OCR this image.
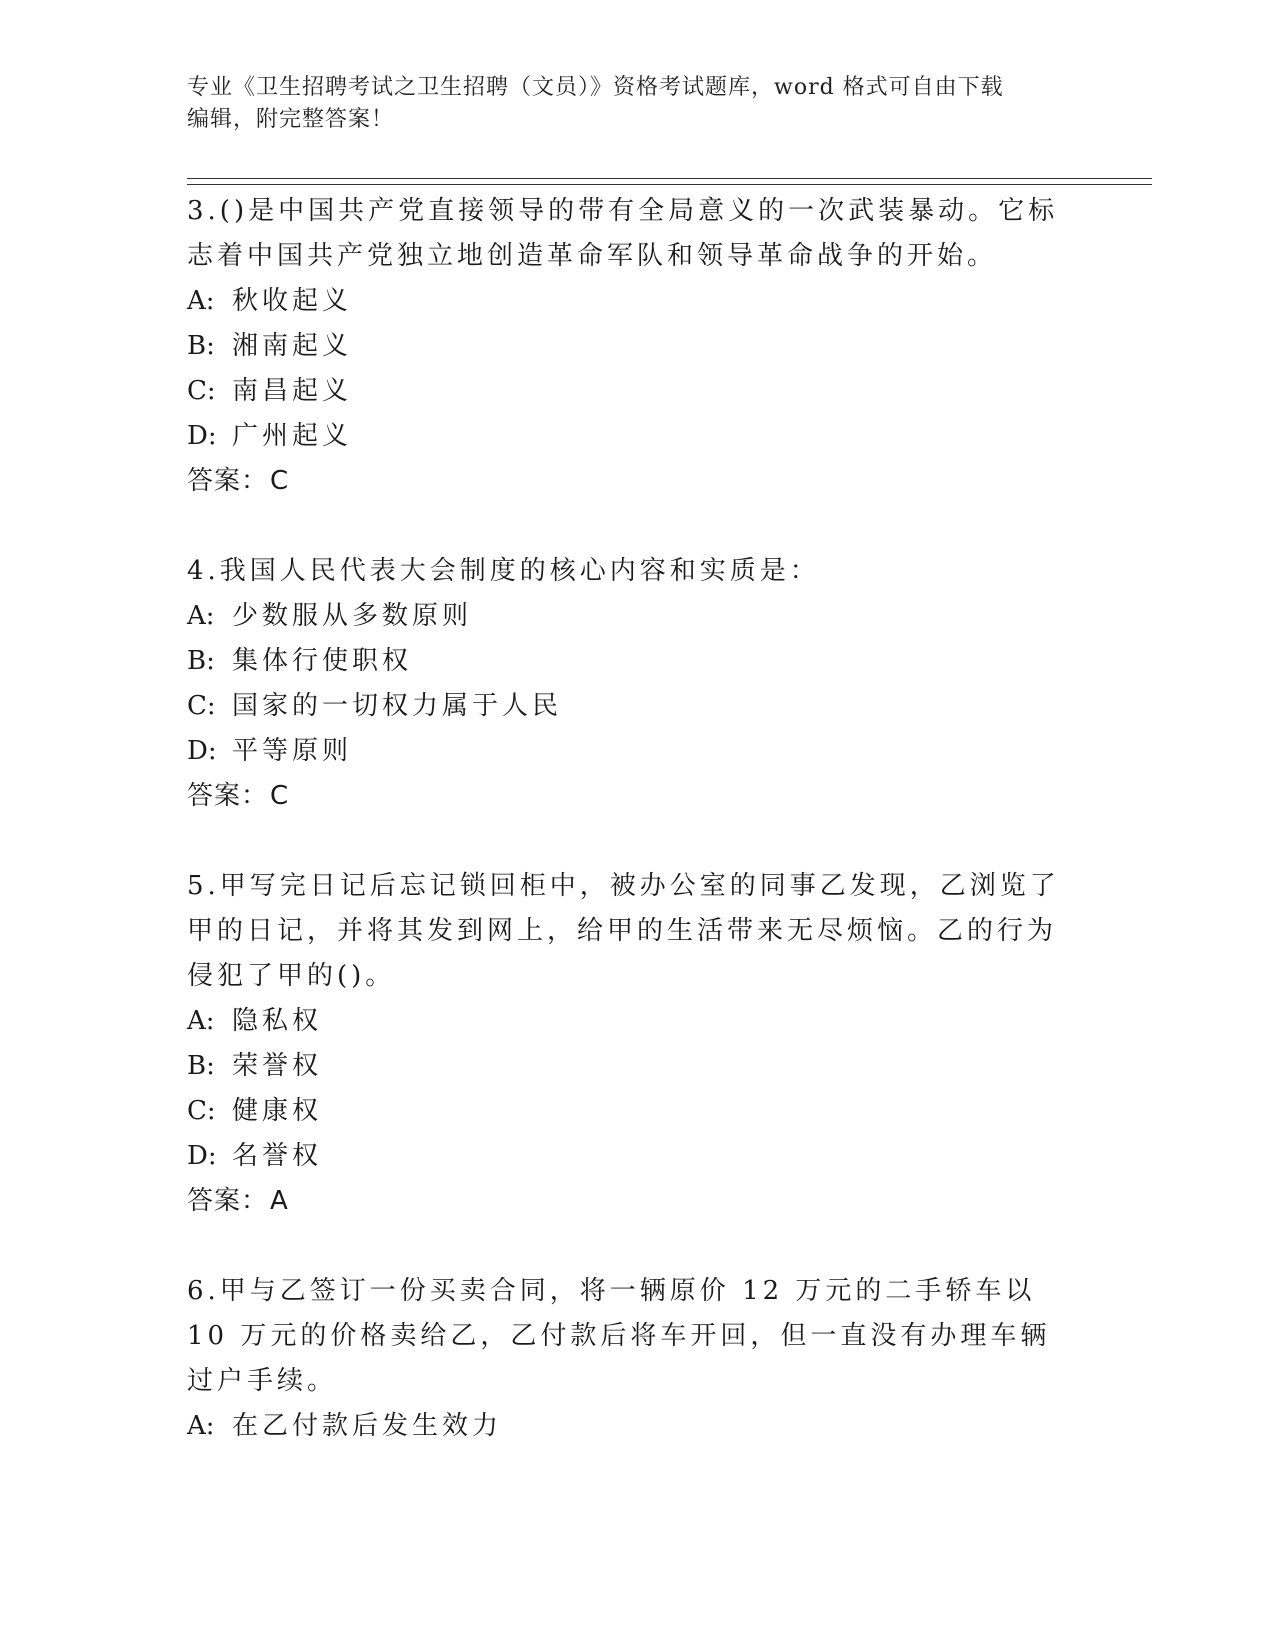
专业《卫生招聘考试之卫生招聘（文员）》资格考试题库，word 格式可自由下载
编辑，附完整答案！
3.()是中国共产党直接领导的带有全局意义的一次武装暴动。它标志着中国共产党独立地创造革命军队和领导革命战争的开始。
A: 秋收起义
B: 湘南起义
C: 南昌起义
D: 广州起义
答案：C
4.我国人民代表大会制度的核心内容和实质是：
A: 少数服从多数原则
B: 集体行使职权
C: 国家的一切权力属于人民
D: 平等原则
答案：C
5.甲写完日记后忘记锁回柜中，被办公室的同事乙发现，乙浏览了甲的日记，并将其发到网上，给甲的生活带来无尽烦恼。乙的行为侵犯了甲的()。
A: 隐私权
B: 荣誉权
C: 健康权
D: 名誉权
答案：A
6.甲与乙签订一份买卖合同，将一辆原价 12 万元的二手轿车以 10 万元的价格卖给乙，乙付款后将车开回，但一直没有办理车辆过户手续。
A: 在乙付款后发生效力
